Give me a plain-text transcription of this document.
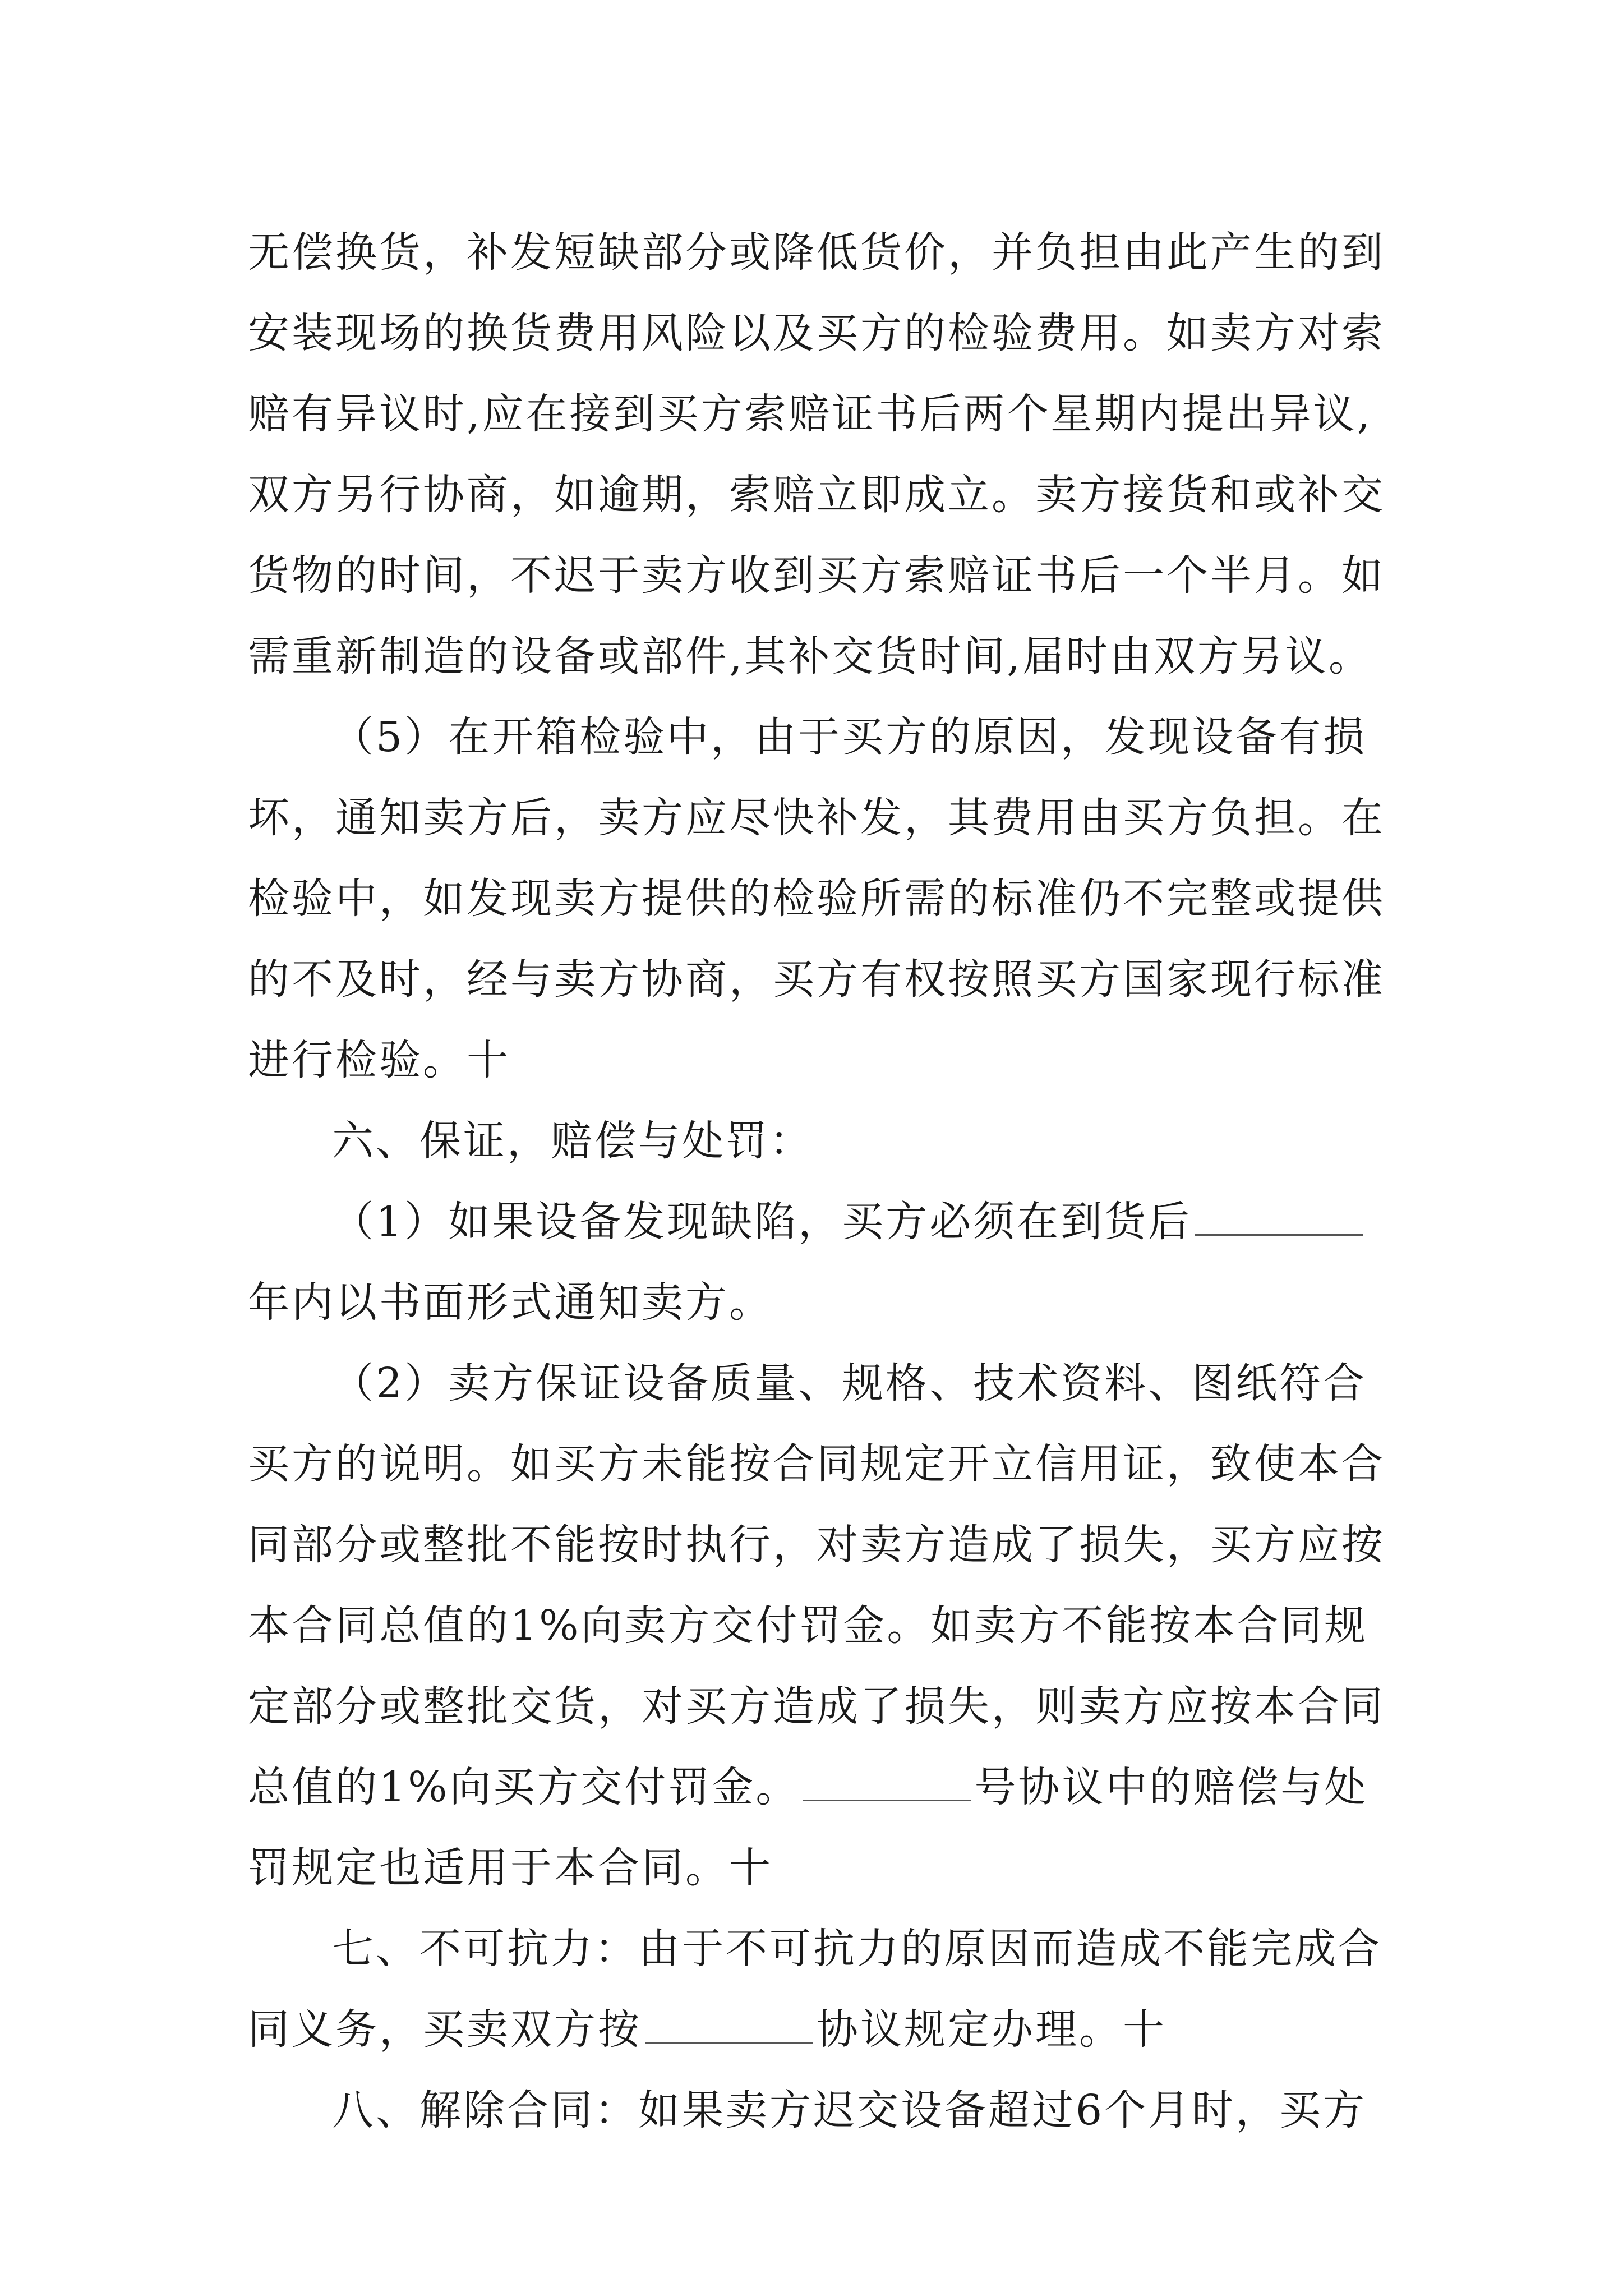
无偿换货，补发短缺部分或降低货价，并负担由此产生的到
安装现场的换货费用风险以及买方的检验费用。如卖方对索
赔有异议时,应在接到买方索赔证书后两个星期内提出异议,
双方另行协商，如逾期，索赔立即成立。卖方接货和或补交
货物的时间，不迟于卖方收到买方索赔证书后一个半月。如
需重新制造的设备或部件,其补交货时间,届时由双方另议。
（5）在开箱检验中，由于买方的原因，发现设备有损
坏，通知卖方后，卖方应尽快补发，其费用由买方负担。在
检验中，如发现卖方提供的检验所需的标准仍不完整或提供
的不及时，经与卖方协商，买方有权按照买方国家现行标准
进行检验。十
六、保证，赔偿与处罚：
（1）如果设备发现缺陷，买方必须在到货后
年内以书面形式通知卖方。
（2）卖方保证设备质量、规格、技术资料、图纸符合
买方的说明。如买方未能按合同规定开立信用证，致使本合
同部分或整批不能按时执行，对卖方造成了损失，买方应按
本合同总值的1%向卖方交付罚金。如卖方不能按本合同规
定部分或整批交货，对买方造成了损失，则卖方应按本合同
总值的1%向买方交付罚金。	号协议中的赔偿与处
罚规定也适用于本合同。十
七、不可抗力：由于不可抗力的原因而造成不能完成合
同义务，买卖双方按	协议规定办理。十
八、解除合同：如果卖方迟交设备超过6个月时，买方
